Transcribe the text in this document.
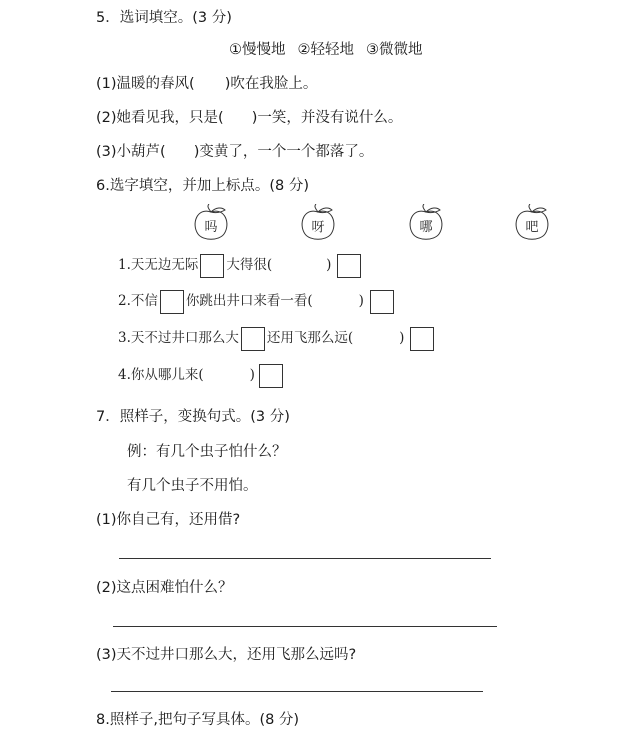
5．选词填空。(3 分)
①慢慢地 ②轻轻地 ③微微地
(1)温暖的春风( )吹在我脸上。
(2)她看见我，只是( )一笑，并没有说什么。
(3)小葫芦( )变黄了，一个一个都落了。
6.选字填空，并加上标点。(8 分)
吗	呀	哪	吧
1.天无边无际 大得很(	)
2.不信 你跳出井口来看一看(	)
3.天不过井口那么大 还用飞那么远(	)
4.你从哪儿来(	)
7．照样子，变换句式。(3 分)
例：有几个虫子怕什么？
有几个虫子不用怕。
(1)你自己有，还用借?
(2)这点困难怕什么？
(3)天不过井口那么大，还用飞那么远吗?
8.照样子,把句子写具体。(8 分)
